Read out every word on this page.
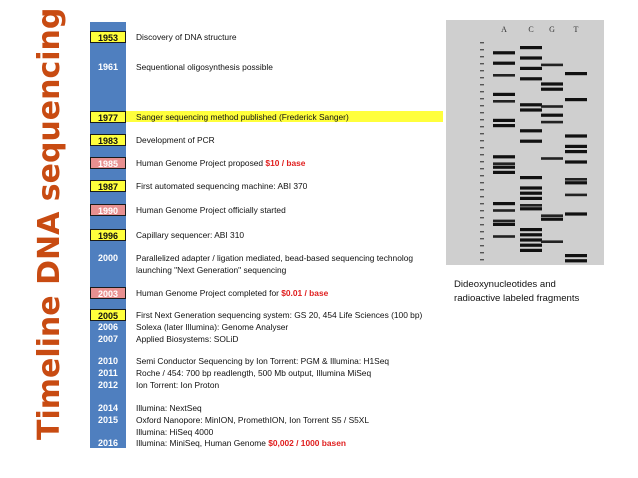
Timeline DNA sequencing	1953	Discovery of DNA structure
1961	Sequentional oligosynthesis possible
1977	Sanger sequencing method published (Frederick Sanger)
1983	Development of PCR
1985	Human Genome Project proposed $10 / base
1987	First automated sequencing machine: ABI 370
1990	Human Genome Project officially started
1996	Capillary sequencer: ABI 310
2000	Parallelized adapter / ligation mediated, bead-based sequencing technolog
launching "Next Generation" sequencing
2003	Human Genome Project completed for $0.01 / base
2005	First Next Generation sequencing system: GS 20, 454 Life Sciences (100 bp)
2006	Solexa (later Illumina): Genome Analyser
2007	Applied Biosystems: SOLiD
2010	Semi Conductor Sequencing by Ion Torrent: PGM & Illumina: H1Seq
2011	Roche / 454: 700 bp readlength, 500 Mb output, Illumina MiSeq
2012	Ion Torrent: Ion Proton
2014	Illumina: NextSeq
2015	Oxford Nanopore: MinION, PromethION, Ion Torrent S5 / S5XL
Illumina: HiSeq 4000
2016	Illumina: MiniSeq, Human Genome $0,002 / 1000 basen
A	C G T
Dideoxynucleotides and
radioactive labeled fragments
